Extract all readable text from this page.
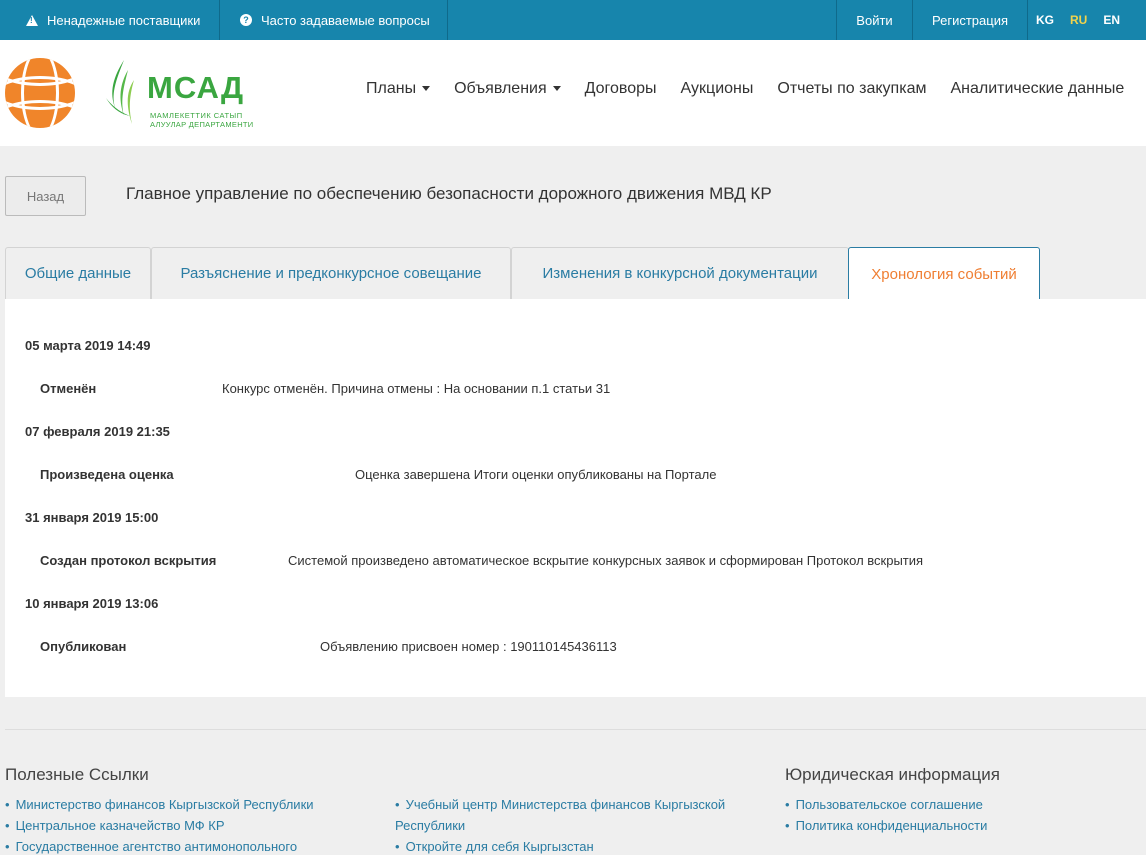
!
Ненадежные поставщики	? Часто задаваемые вопросы	Войти	Регистрация KG RU EN
МСАД
МАМЛЕКЕТТИК САТЫП
АЛУУЛАР ДЕПАРТАМЕНТИ
Планы	Объявления	Договоры Аукционы Отчеты по закупкам Аналитические данные
Назад	Главное управление по обеспечению безопасности дорожного движения МВД КР
Общие данные	Разъяснение и предконкурсное совещание	Изменения в конкурсной документации	Хронология событий
05 марта 2019 14:49
Отменён	Конкурс отменён. Причина отмены : На основании п.1 статьи 31
07 февраля 2019 21:35
Произведена оценка	Оценка завершена Итоги оценки опубликованы на Портале
31 января 2019 15:00
Создан протокол вскрытия	Системой произведено автоматическое вскрытие конкурсных заявок и сформирован Протокол вскрытия
10 января 2019 13:06
Опубликован	Объявлению присвоен номер : 190110145436113
Полезные Ссылки	Юридическая информация
• Министерство финансов Кыргызской Республики
• Центральное казначейство МФ КР
• Государственное агентство антимонопольного
• Учебный центр Министерства финансов Кыргызской
Республики
• Откройте для себя Кыргызстан
• Пользовательское соглашение
• Политика конфиденциальности
